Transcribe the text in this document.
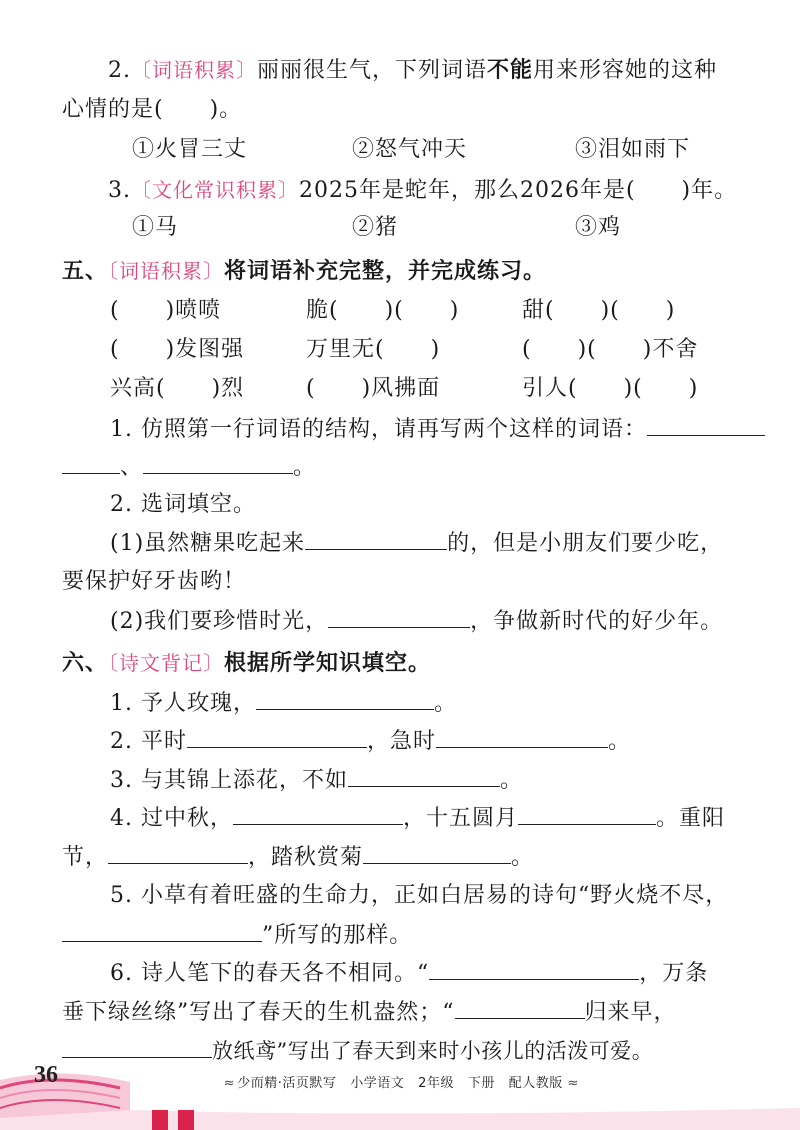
2.〔词语积累〕丽丽很生气，下列词语不能用来形容她的这种
心情的是(　　)。
①火冒三丈	②怒气冲天	③泪如雨下
3.〔文化常识积累〕2025年是蛇年，那么2026年是(　　)年。
①马	②猪	③鸡
五、〔词语积累〕将词语补充完整，并完成练习。
(　　)喷喷	脆(　　)(　　)	甜(　　)(　　)
(　　)发图强	万里无(　　)	(　　)(　　)不舍
兴高(　　)烈	(　　)风拂面	引人(　　)(　　)
1. 仿照第一行词语的结构，请再写两个这样的词语：
、	。
2. 选词填空。
(1)虽然糖果吃起来	的，但是小朋友们要少吃，
要保护好牙齿哟！
(2)我们要珍惜时光，	，争做新时代的好少年。
六、〔诗文背记〕根据所学知识填空。
1. 予人玫瑰，	。
2. 平时	，急时	。
3. 与其锦上添花，不如	。
4. 过中秋，	，十五圆月	。重阳
节，	，踏秋赏菊	。
5. 小草有着旺盛的生命力，正如白居易的诗句“野火烧不尽，
”所写的那样。
6. 诗人笔下的春天各不相同。“	，万条
垂下绿丝绦”写出了春天的生机盎然；“	归来早，
放纸鸢”写出了春天到来时小孩儿的活泼可爱。
36	≈ 少而精·活页默写 小学语文 2年级 下册 配人教版 ≈
